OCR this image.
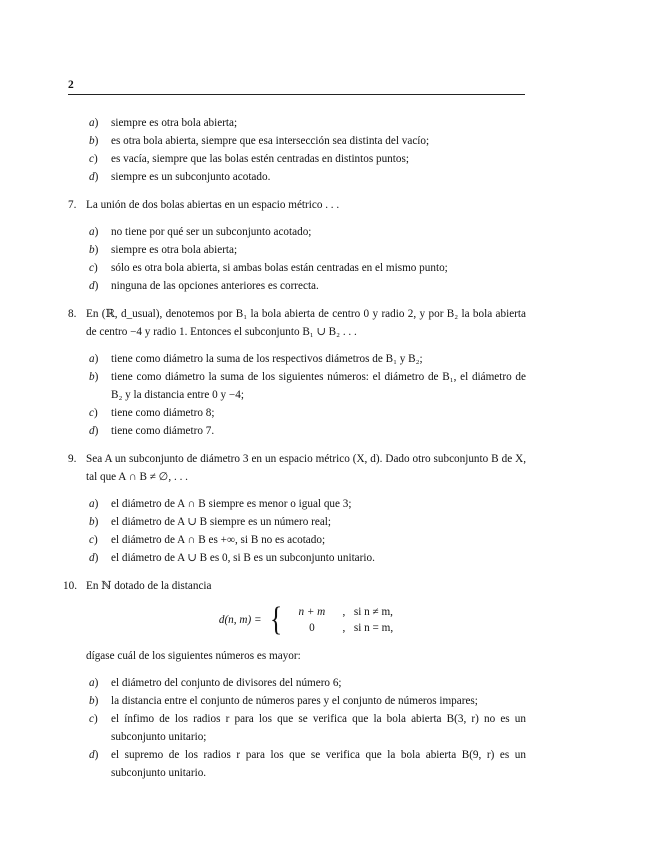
2
a) siempre es otra bola abierta;
b) es otra bola abierta, siempre que esa intersección sea distinta del vacío;
c) es vacía, siempre que las bolas estén centradas en distintos puntos;
d) siempre es un subconjunto acotado.
7. La unión de dos bolas abiertas en un espacio métrico . . .
a) no tiene por qué ser un subconjunto acotado;
b) siempre es otra bola abierta;
c) sólo es otra bola abierta, si ambas bolas están centradas en el mismo punto;
d) ninguna de las opciones anteriores es correcta.
8. En (ℝ, d_usual), denotemos por B₁ la bola abierta de centro 0 y radio 2, y por B₂ la bola abierta de centro −4 y radio 1. Entonces el subconjunto B₁ ∪ B₂ . . .
a) tiene como diámetro la suma de los respectivos diámetros de B₁ y B₂;
b) tiene como diámetro la suma de los siguientes números: el diámetro de B₁, el diámetro de B₂ y la distancia entre 0 y −4;
c) tiene como diámetro 8;
d) tiene como diámetro 7.
9. Sea A un subconjunto de diámetro 3 en un espacio métrico (X, d). Dado otro subconjunto B de X, tal que A ∩ B ≠ ∅, . . .
a) el diámetro de A ∩ B siempre es menor o igual que 3;
b) el diámetro de A ∪ B siempre es un número real;
c) el diámetro de A ∩ B es +∞, si B no es acotado;
d) el diámetro de A ∪ B es 0, si B es un subconjunto unitario.
10. En ℕ dotado de la distancia
d(n, m) = {	n + m	, si n ≠ m,
0	, si n = m,
dígase cuál de los siguientes números es mayor:
a) el diámetro del conjunto de divisores del número 6;
b) la distancia entre el conjunto de números pares y el conjunto de números impares;
c) el ínfimo de los radios r para los que se verifica que la bola abierta B(3, r) no es un subconjunto unitario;
d) el supremo de los radios r para los que se verifica que la bola abierta B(9, r) es un subconjunto unitario.
